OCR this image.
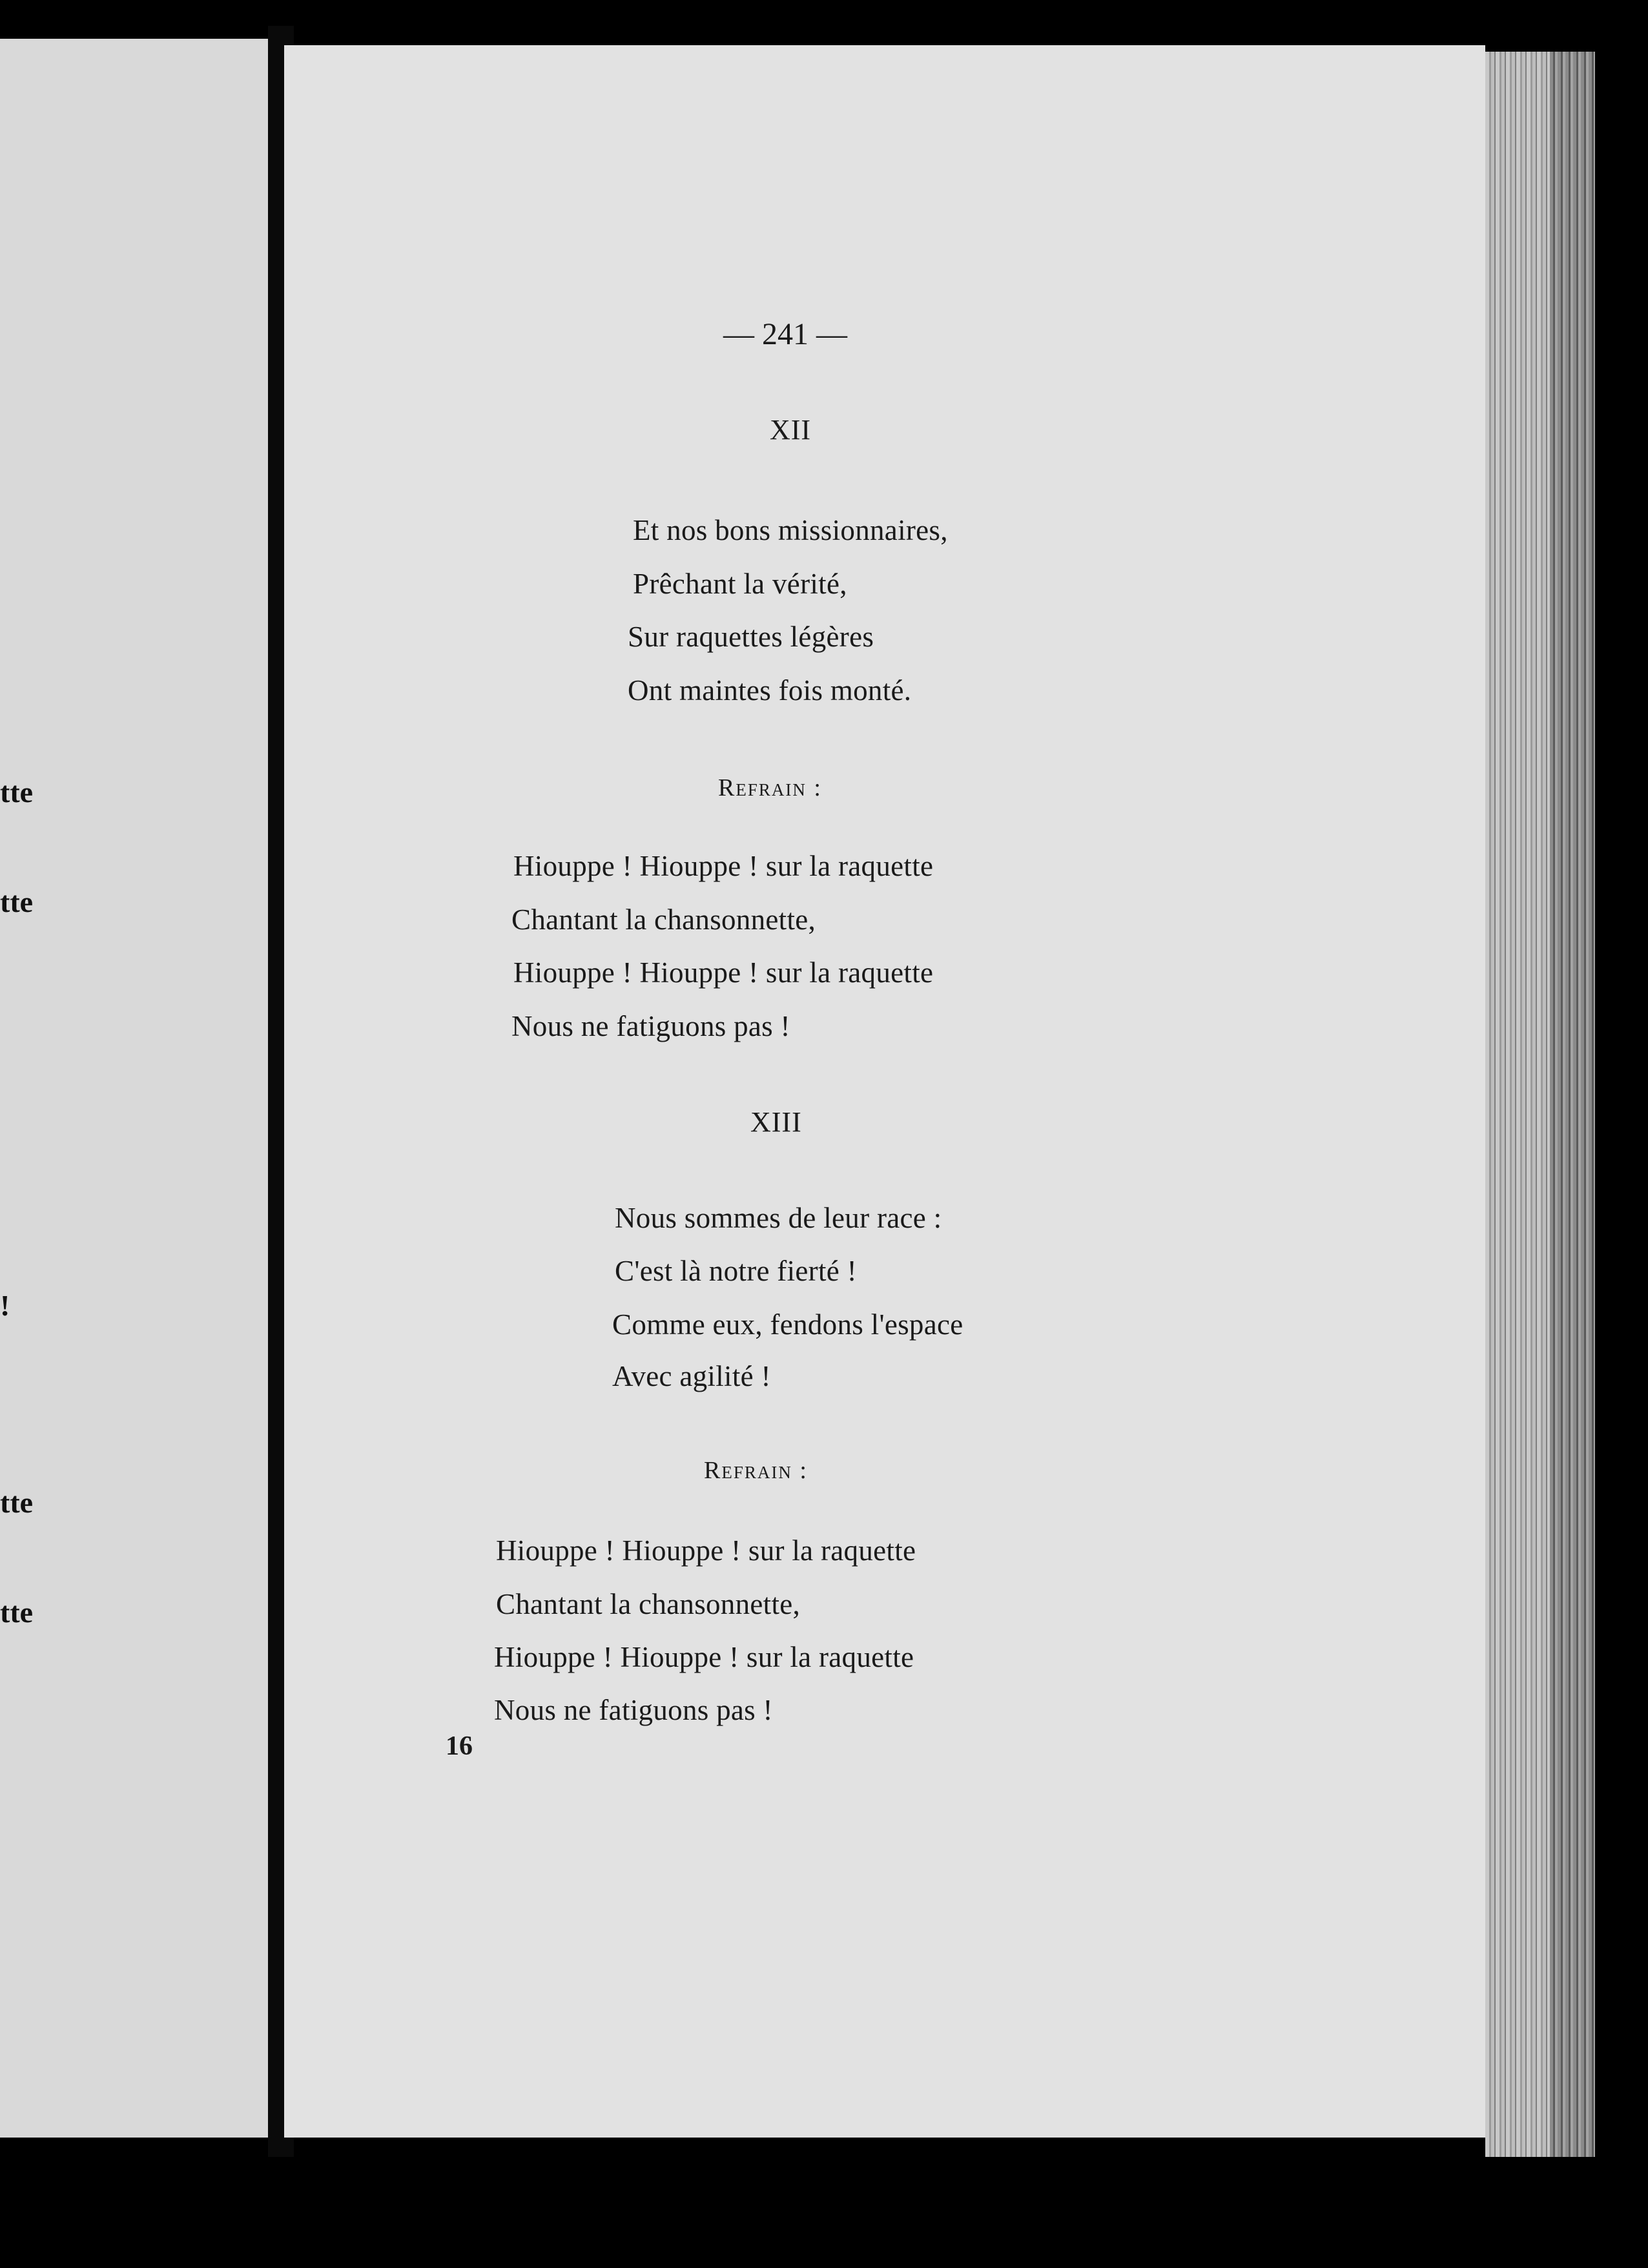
tte
tte
!
tte
tte
— 241 —
XII
Et nos bons missionnaires,
Prêchant la vérité,
Sur raquettes légères
Ont maintes fois monté.
Refrain :
Hiouppe ! Hiouppe ! sur la raquette
Chantant la chansonnette,
Hiouppe ! Hiouppe ! sur la raquette
Nous ne fatiguons pas !
XIII
Nous sommes de leur race :
C'est là notre fierté !
Comme eux, fendons l'espace
Avec agilité !
Refrain :
Hiouppe ! Hiouppe ! sur la raquette
Chantant la chansonnette,
Hiouppe ! Hiouppe ! sur la raquette
Nous ne fatiguons pas !
16
